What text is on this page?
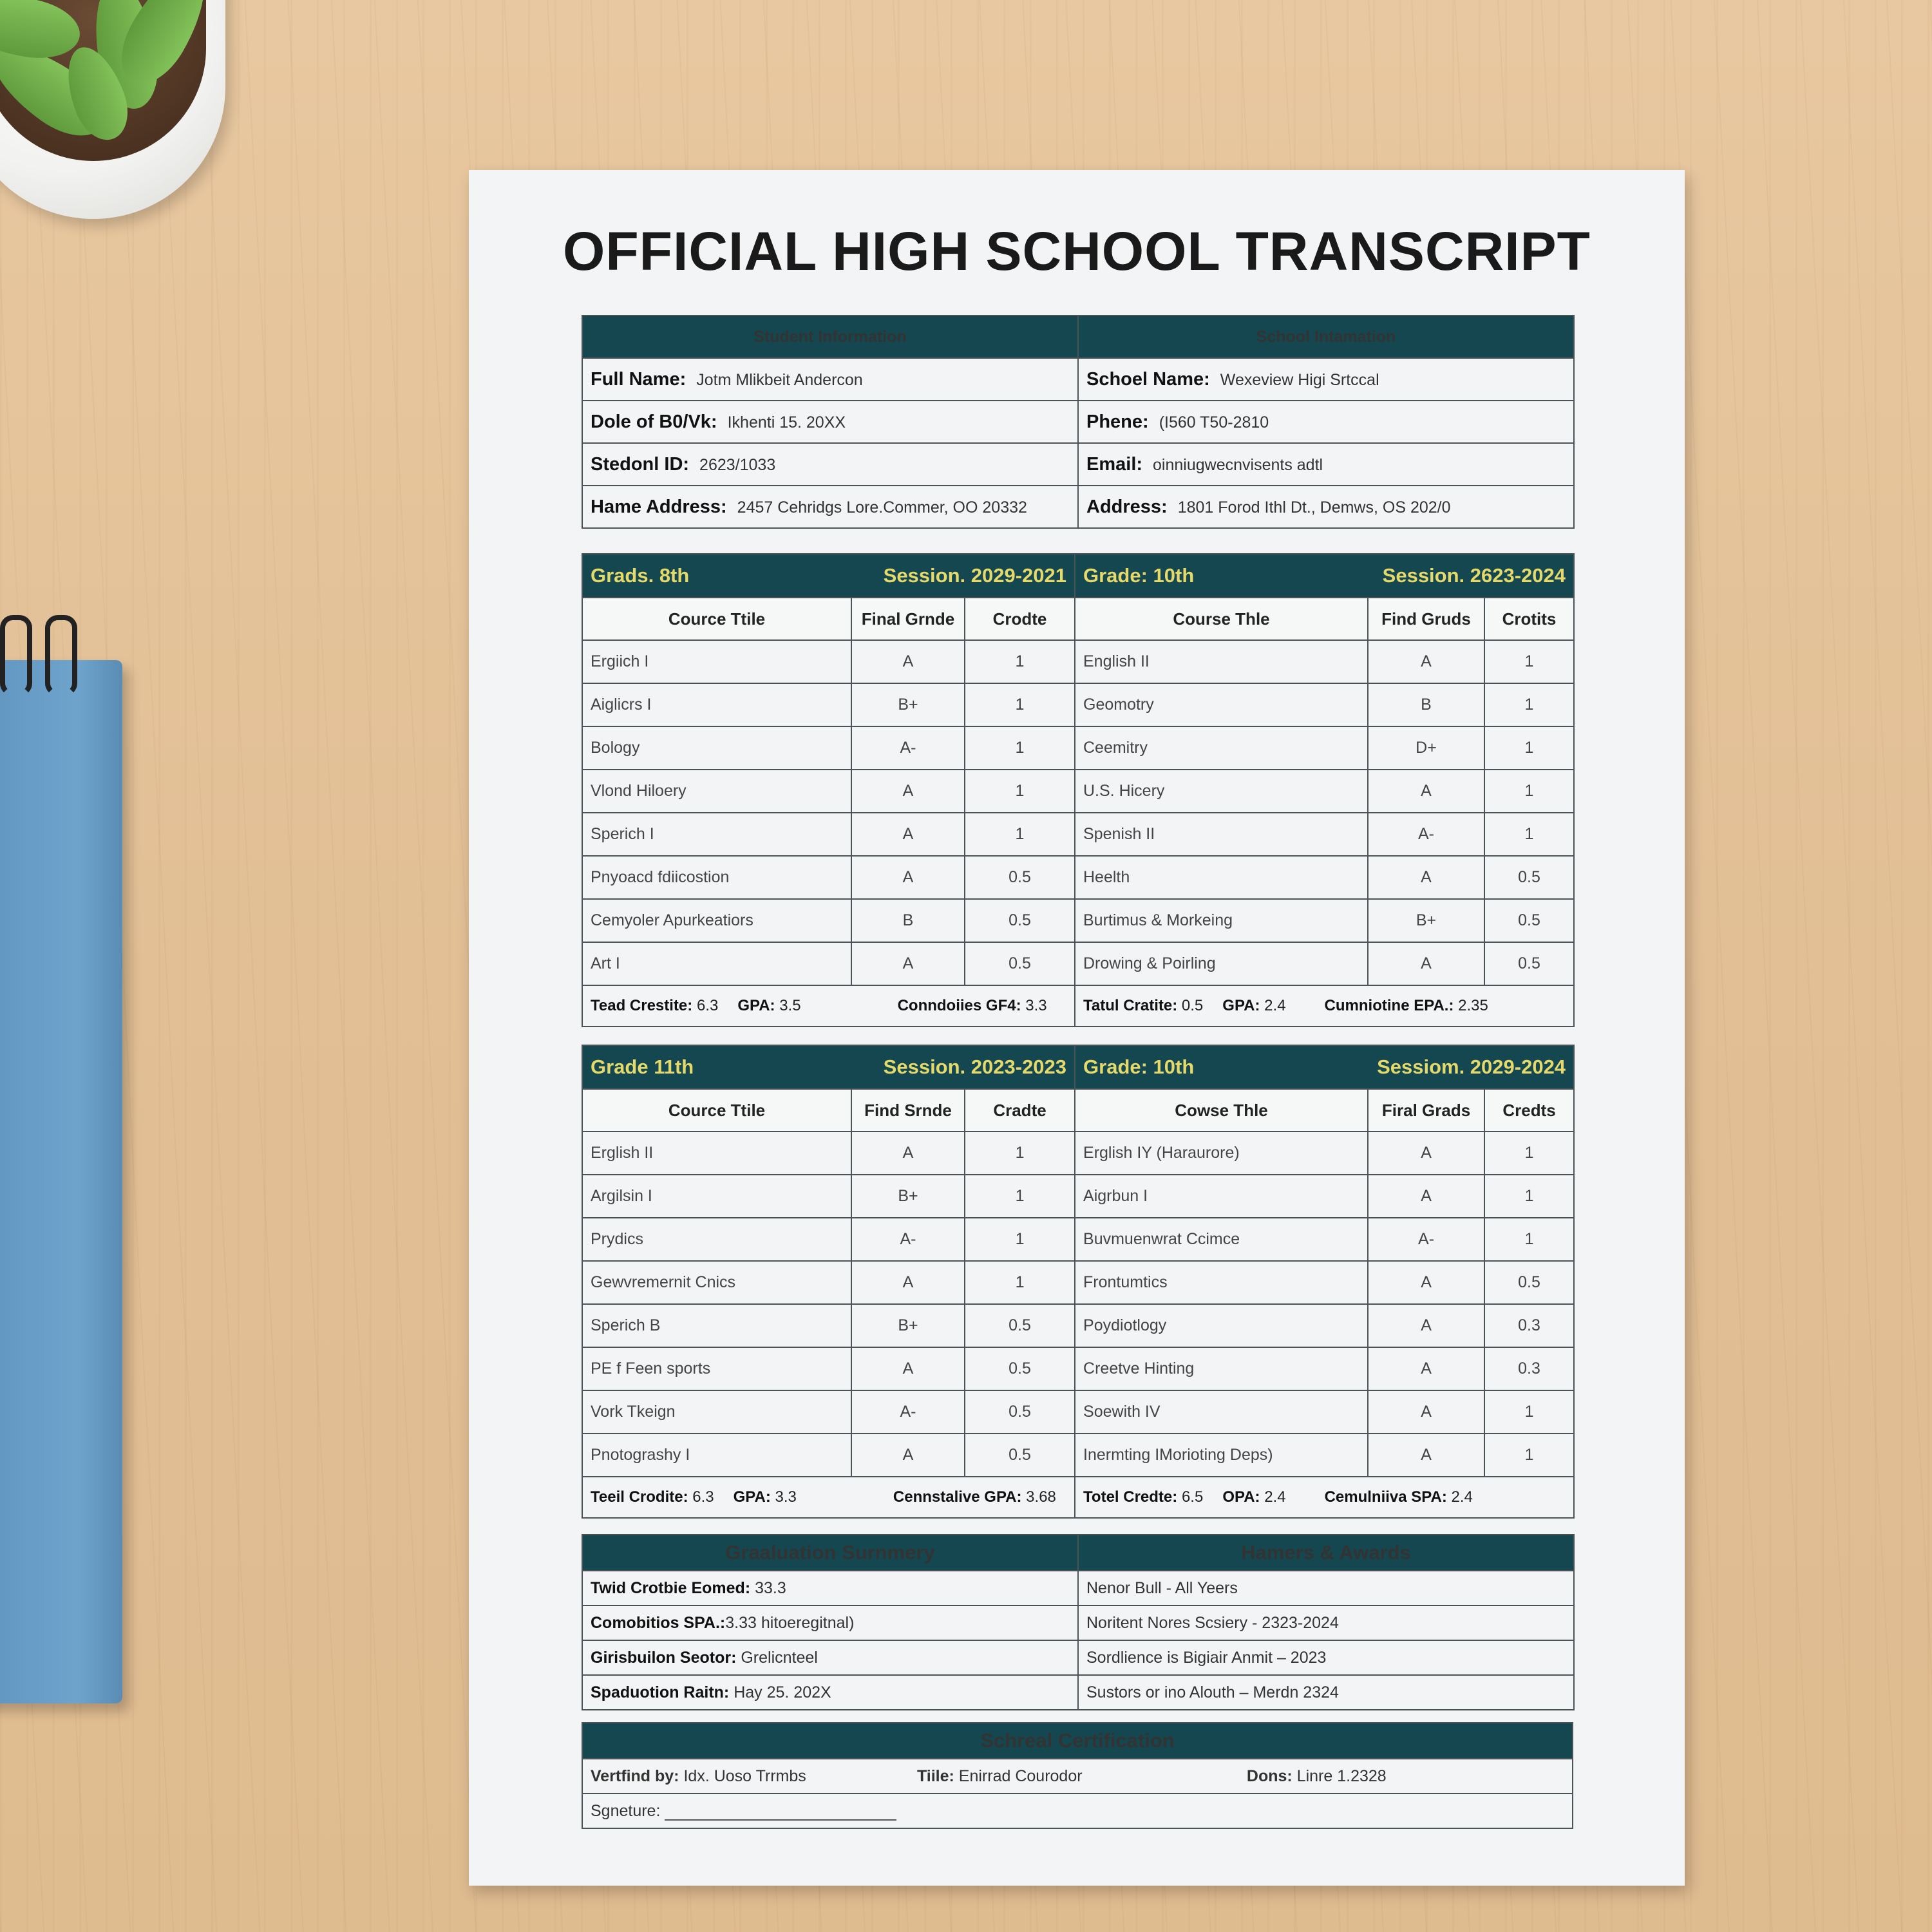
OFFICIAL HIGH SCHOOL TRANSCRIPT
Student Information	School Intamation
Full Name: Jotm Mlikbeit Andercon	Schoel Name: Wexeview Higi Srtccal
Dole of B0/Vk: Ikhenti 15. 20XX	Phene: (I560 T50-2810
Stedonl ID: 2623/1033	Email: oinniugwecnvisents adtl
Hame Address: 2457 Cehridgs Lore.Commer, OO 20332	Address: 1801 Forod Ithl Dt., Demws, OS 202/0
Grads. 8th Session. 2029-2021			Grade: 10th Session. 2623-2024		

Cource Ttile	Final Grnde	Crodte	Course Thle	Find Gruds	Crotits
Ergiich I	A	1	English II	A	1
Aiglicrs I	B+	1	Geomotry	B	1
Bology	A-	1	Ceemitry	D+	1
Vlond Hiloery	A	1	U.S. Hicery	A	1
Sperich I	A	1	Spenish II	A-	1
Pnyoacd fdiicostion	A	0.5	Heelth	A	0.5
Cemyoler Apurkeatiors	B	0.5	Burtimus & Morkeing	B+	0.5
Art I	A	0.5	Drowing & Poirling	A	0.5
Tead Crestite: 6.3 GPA: 3.5 Conndoiies GF4: 3.3			Tatul Cratite: 0.5 GPA: 2.4 Cumniotine EPA.: 2.35		
Grade 11th Session. 2023-2023			Grade: 10th Sessiom. 2029-2024		

Cource Ttile	Find Srnde	Cradte	Cowse Thle	Firal Grads	Credts
Erglish II	A	1	Erglish IY (Haraurore)	A	1
Argilsin I	B+	1	Aigrbun I	A	1
Prydics	A-	1	Buvmuenwrat Ccimce	A-	1
Gewvremernit Cnics	A	1	Frontumtics	A	0.5
Sperich B	B+	0.5	Poydiotlogy	A	0.3
PE f Feen sports	A	0.5	Creetve Hinting	A	0.3
Vork Tkeign	A-	0.5	Soewith IV	A	1
Pnotograshy I	A	0.5	Inermting IMorioting Deps)	A	1
Teeil Crodite: 6.3 GPA: 3.3 Cennstalive GPA: 3.68			Totel Credte: 6.5 OPA: 2.4 Cemulniiva SPA: 2.4		
Graaluation Surnmery	Hamers & Awards
Twid Crotbie Eomed: 33.3	Nenor Bull - All Yeers
Comobitios SPA.:3.33 hitoeregitnal)	Noritent Nores Scsiery - 2323-2024
Girisbuilon Seotor: Grelicnteel	Sordlience is Bigiair Anmit – 2023
Spaduotion Raitn: Hay 25. 202X	Sustors or ino Alouth – Merdn 2324
Schreal Certification
Vertfind by: Idx. Uoso Trrmbs	Tiile: Enirrad Courodor	Dons: Linre 1.2328
Sgneture:
